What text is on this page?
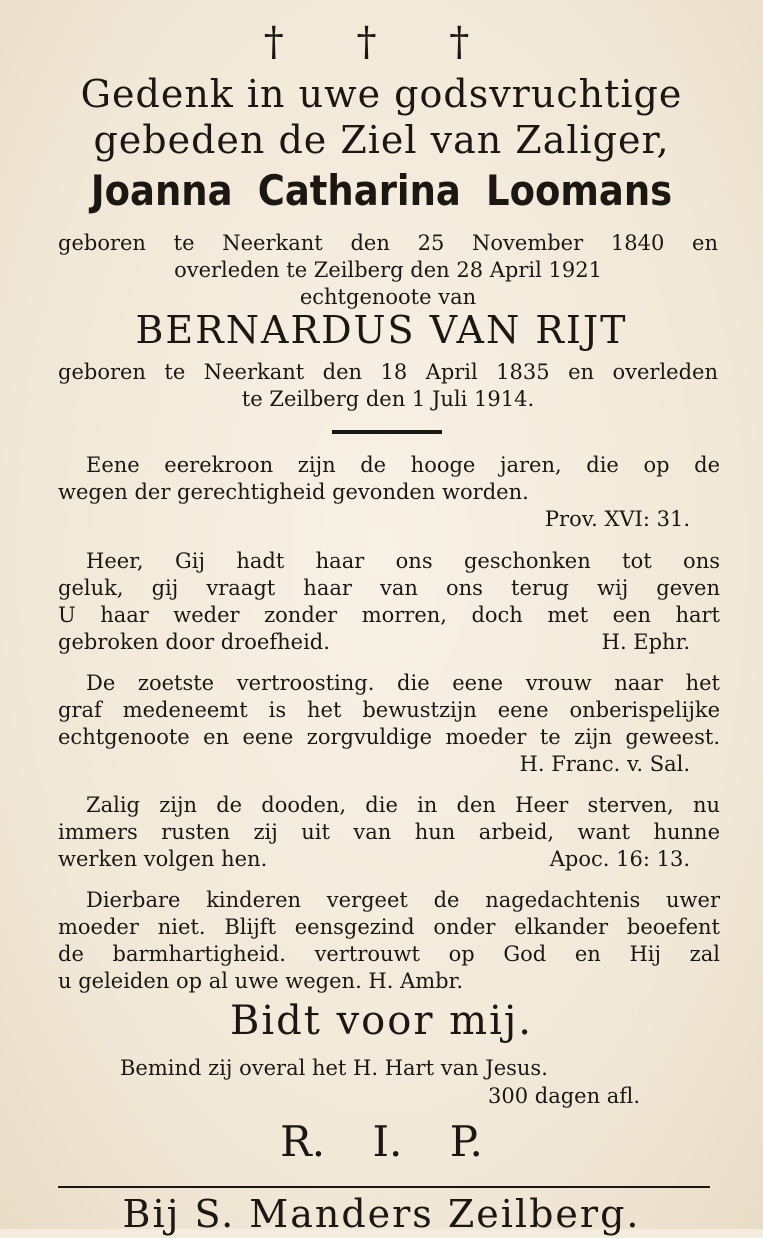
† † †
Gedenk in uwe godsvruchtige
gebeden de Ziel van Zaliger,
Joanna Catharina Loomans
geboren te Neerkant den 25 November 1840 en
overleden te Zeilberg den 28 April 1921
echtgenoote van
BERNARDUS VAN RIJT
geboren te Neerkant den 18 April 1835 en overleden
te Zeilberg den 1 Juli 1914.
Eene eerekroon zijn de hooge jaren, die op de
wegen der gerechtigheid gevonden worden.
Prov. XVI: 31.
Heer, Gij hadt haar ons geschonken tot ons
geluk, gij vraagt haar van ons terug wij geven
U haar weder zonder morren, doch met een hart
gebroken door droefheid.	H. Ephr.
De zoetste vertroosting. die eene vrouw naar het
graf medeneemt is het bewustzijn eene onberispelijke
echtgenoote en eene zorgvuldige moeder te zijn geweest.
H. Franc. v. Sal.
Zalig zijn de dooden, die in den Heer sterven, nu
immers rusten zij uit van hun arbeid, want hunne
werken volgen hen.	Apoc. 16: 13.
Dierbare kinderen vergeet de nagedachtenis uwer
moeder niet. Blijft eensgezind onder elkander beoefent
de barmhartigheid. vertrouwt op God en Hij zal
u geleiden op al uwe wegen. H. Ambr.
Bidt voor mij.
Bemind zij overal het H. Hart van Jesus.
300 dagen afl.
R. I. P.
Bij S. Manders Zeilberg.
